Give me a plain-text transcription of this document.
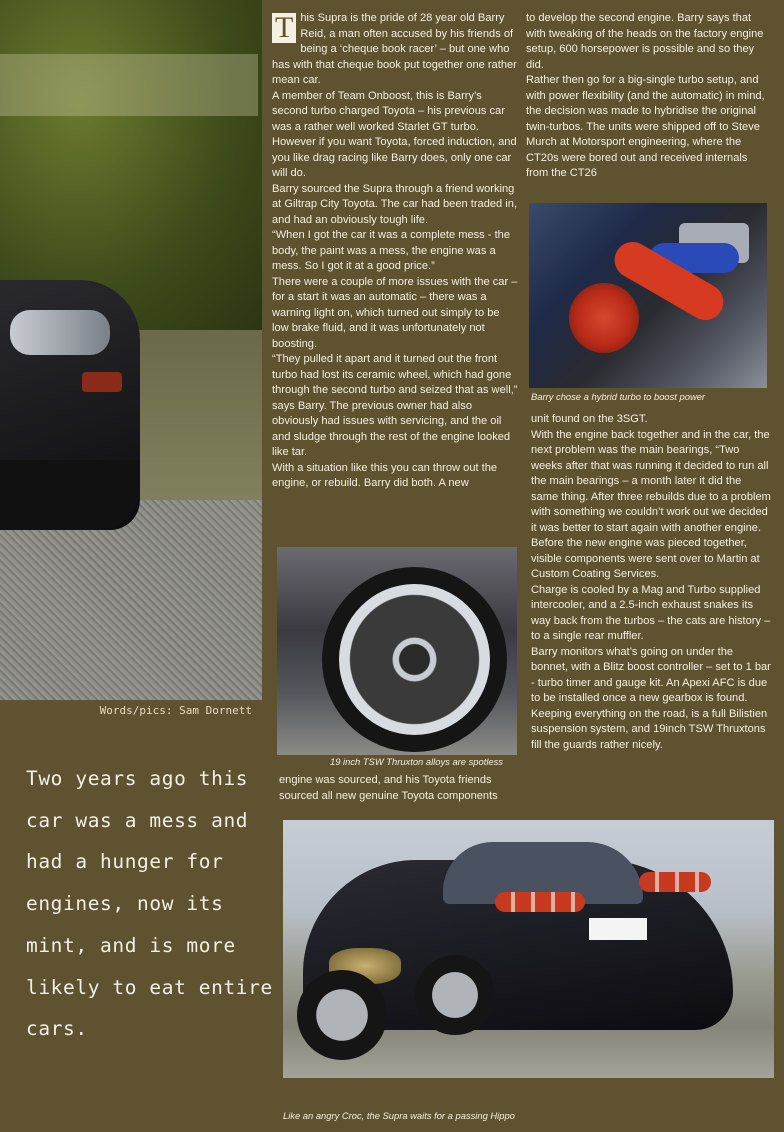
Words/pics: Sam Dornett
Two years ago this car was a mess and had a hunger for engines, now its mint, and is more likely to eat entire cars.

T his Supra is the pride of 28 year old Barry Reid, a man often accused by his friends of being a ‘cheque book racer’ – but one who has with that cheque book put together one rather mean car.

A member of Team Onboost, this is Barry’s second turbo charged Toyota – his previous car was a rather well worked Starlet GT turbo. However if you want Toyota, forced induction, and you like drag racing like Barry does, only one car will do.

Barry sourced the Supra through a friend working at Giltrap City Toyota. The car had been traded in, and had an obviously tough life.

“When I got the car it was a complete mess - the body, the paint was a mess, the engine was a mess. So I got it at a good price.”

There were a couple of more issues with the car – for a start it was an automatic – there was a warning light on, which turned out simply to be low brake fluid, and it was unfortunately not boosting.

“They pulled it apart and it turned out the front turbo had lost its ceramic wheel, which had gone through the second turbo and seized that as well,” says Barry. The previous owner had also obviously had issues with servicing, and the oil and sludge through the rest of the engine looked like tar.

With a situation like this you can throw out the engine, or rebuild. Barry did both. A new

19 inch TSW Thruxton alloys are spotless

engine was sourced, and his Toyota friends sourced all new genuine Toyota components

to develop the second engine. Barry says that with tweaking of the heads on the factory engine setup, 600 horsepower is possible and so they did.

Rather then go for a big-single turbo setup, and with power flexibility (and the automatic) in mind, the decision was made to hybridise the original twin-turbos. The units were shipped off to Steve Murch at Motorsport engineering, where the CT20s were bored out and received internals from the CT26

Barry chose a hybrid turbo to boost power

unit found on the 3SGT.

With the engine back together and in the car, the next problem was the main bearings, “Two weeks after that was running it decided to run all the main bearings – a month later it did the same thing. After three rebuilds due to a problem with something we couldn’t work out we decided it was better to start again with another engine.

Before the new engine was pieced together, visible components were sent over to Martin at Custom Coating Services.

Charge is cooled by a Mag and Turbo supplied intercooler, and a 2.5-inch exhaust snakes its way back from the turbos – the cats are history – to a single rear muffler.

Barry monitors what’s going on under the bonnet, with a Blitz boost controller – set to 1 bar - turbo timer and gauge kit. An Apexi AFC is due to be installed once a new gearbox is found.

Keeping everything on the road, is a full Bilistien suspension system, and 19inch TSW Thruxtons fill the guards rather nicely.

Like an angry Croc, the Supra waits for a passing Hippo
